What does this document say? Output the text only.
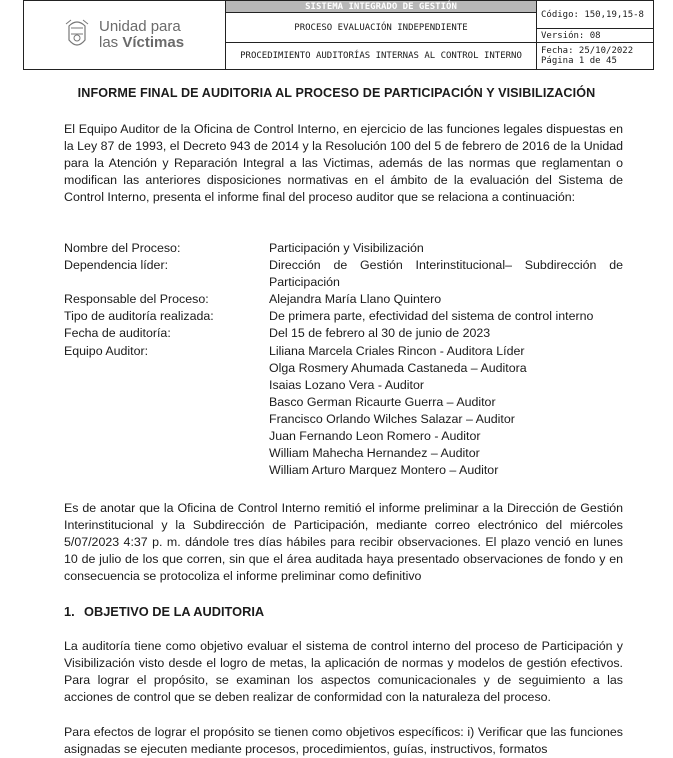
Unidad para
las Víctimas	SISTEMA INTEGRADO DE GESTIÓN	Código: 150,19,15-8
	PROCESO EVALUACIÓN INDEPENDIENTE	
		Versión: 08
	PROCEDIMIENTO AUDITORÍAS INTERNAS AL CONTROL INTERNO	Fecha: 25/10/2022
Página 1 de 45
INFORME FINAL DE AUDITORIA AL PROCESO DE PARTICIPACIÓN Y VISIBILIZACIÓN

El Equipo Auditor de la Oficina de Control Interno, en ejercicio de las funciones legales dispuestas en la Ley 87 de 1993, el Decreto 943 de 2014 y la Resolución 100 del 5 de febrero de 2016 de la Unidad para la Atención y Reparación Integral a las Victimas, además de las normas que reglamentan o modifican las anteriores disposiciones normativas en el ámbito de la evaluación del Sistema de Control Interno, presenta el informe final del proceso auditor que se relaciona a continuación:

Nombre del Proceso:	Participación y Visibilización
Dependencia líder:	Dirección de Gestión Interinstitucional– Subdirección de Participación
Responsable del Proceso:	Alejandra María Llano Quintero
Tipo de auditoría realizada:	De primera parte, efectividad del sistema de control interno
Fecha de auditoría:	Del 15 de febrero al 30 de junio de 2023
Equipo Auditor:	Liliana Marcela Criales Rincon - Auditora Líder
Olga Rosmery Ahumada Castaneda – Auditora
Isaias Lozano Vera - Auditor
Basco German Ricaurte Guerra – Auditor
Francisco Orlando Wilches Salazar – Auditor
Juan Fernando Leon Romero - Auditor
William Mahecha Hernandez – Auditor
William Arturo Marquez Montero – Auditor

Es de anotar que la Oficina de Control Interno remitió el informe preliminar a la Dirección de Gestión Interinstitucional y la Subdirección de Participación, mediante correo electrónico del miércoles 5/07/2023 4:37 p. m. dándole tres días hábiles para recibir observaciones. El plazo venció en lunes 10 de julio de los que corren, sin que el área auditada haya presentado observaciones de fondo y en consecuencia se protocoliza el informe preliminar como definitivo

1. OBJETIVO DE LA AUDITORIA

La auditoría tiene como objetivo evaluar el sistema de control interno del proceso de Participación y Visibilización visto desde el logro de metas, la aplicación de normas y modelos de gestión efectivos. Para lograr el propósito, se examinan los aspectos comunicacionales y de seguimiento a las acciones de control que se deben realizar de conformidad con la naturaleza del proceso.

Para efectos de lograr el propósito se tienen como objetivos específicos: i) Verificar que las funciones asignadas se ejecuten mediante procesos, procedimientos, guías, instructivos, formatos
